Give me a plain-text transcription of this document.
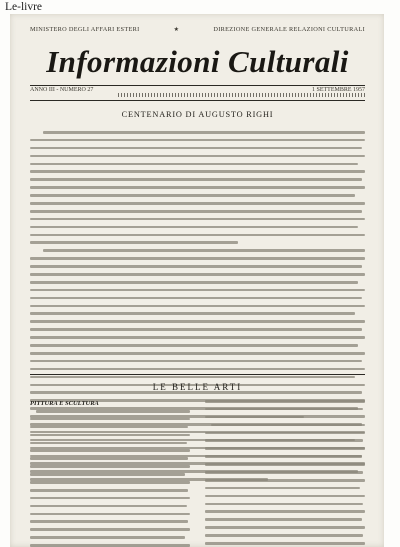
Le-livre
MINISTERO DEGLI AFFARI ESTERI	★	DIREZIONE GENERALE RELAZIONI CULTURALI
Informazioni Culturali
ANNO III - NUMERO 27	1 SETTEMBRE 1957
CENTENARIO DI AUGUSTO RIGHI
LE BELLE ARTI
PITTURA E SCULTURA
